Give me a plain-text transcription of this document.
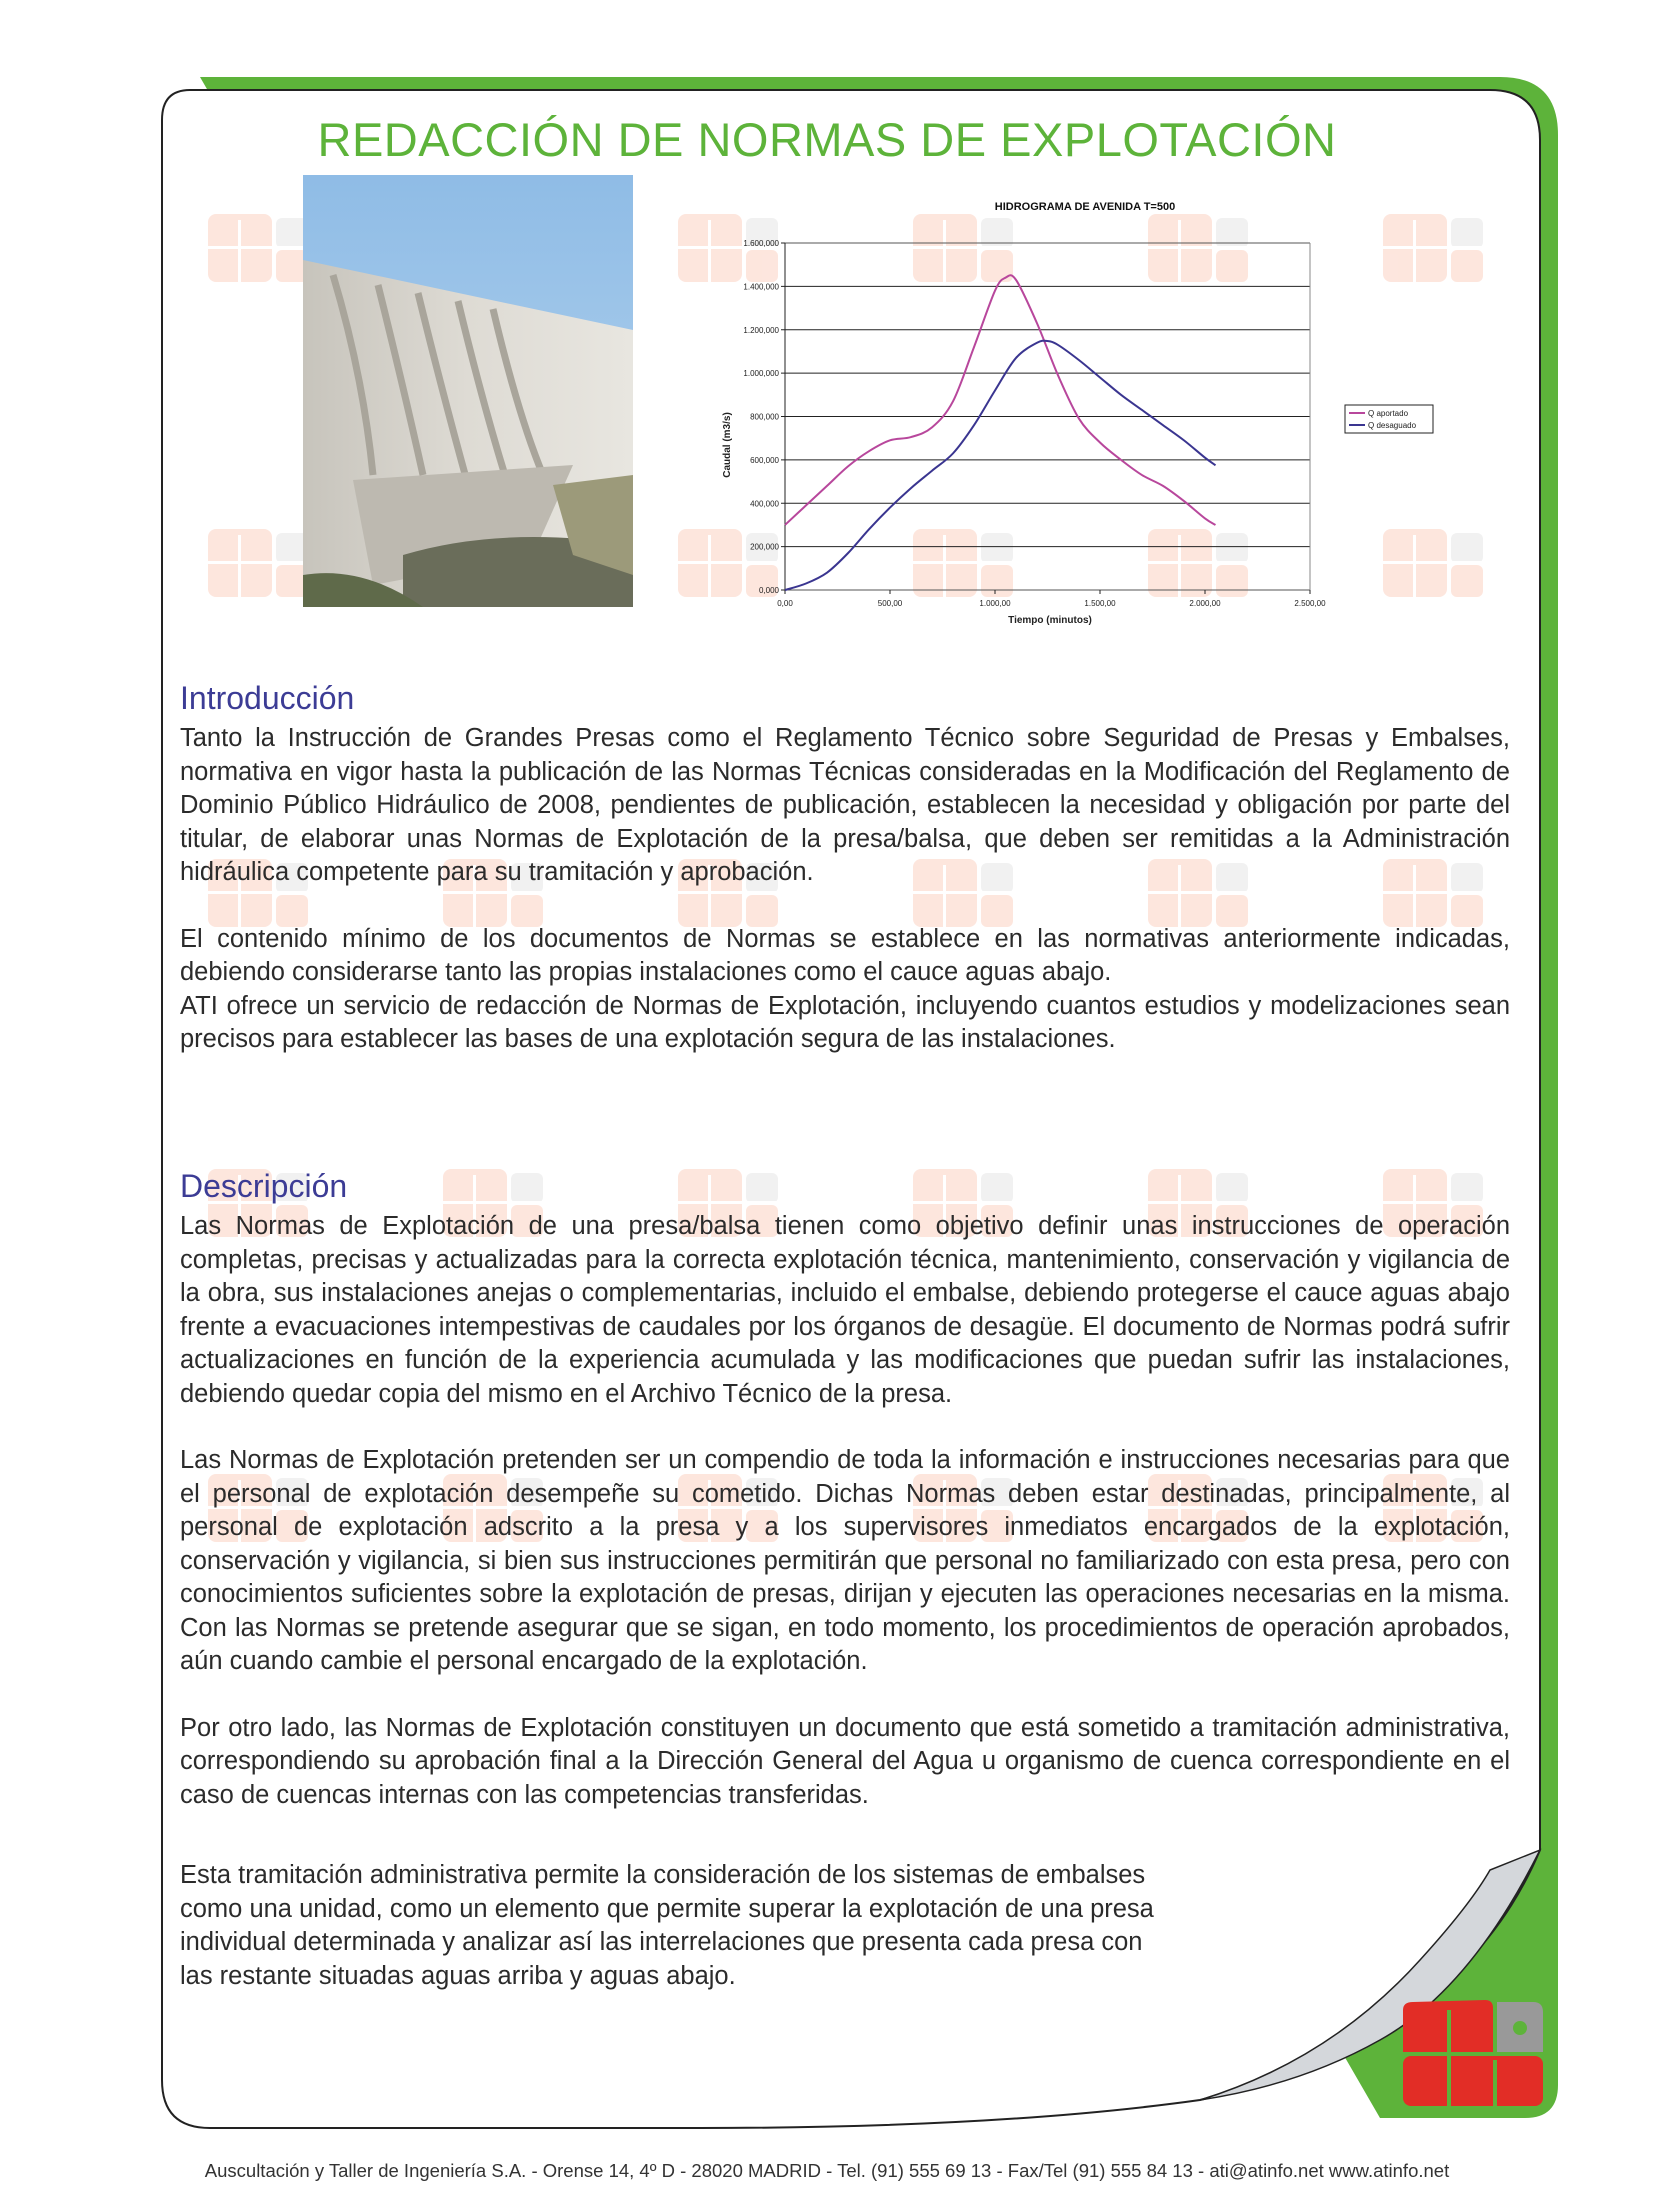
REDACCIÓN DE NORMAS DE EXPLOTACIÓN
HIDROGRAMA DE AVENIDA T=500
0,000
200,000
400,000
600,000
800,000
1.000,000
1.200,000
1.400,000
1.600,000
0,00	500,00	1.000,00	1.500,00	2.000,00	2.500,00
Caudal (m3/s)
Tiempo (minutos)
Q aportado
Q desaguado
Introducción

Tanto la Instrucción de Grandes Presas como el Reglamento Técnico sobre Seguridad de Presas y Embalses, normativa en vigor hasta la publicación de las Normas Técnicas consideradas en la Modificación del Reglamento de Dominio Público Hidráulico de 2008, pendientes de publicación, establecen la necesidad y obligación por parte del titular, de elaborar unas Normas de Explotación de la presa/balsa, que deben ser remitidas a la Administración hidráulica competente para su tramitación y aprobación.

El contenido mínimo de los documentos de Normas se establece en las normativas anteriormente indicadas, debiendo considerarse tanto las propias instalaciones como el cauce aguas abajo.

ATI ofrece un servicio de redacción de Normas de Explotación, incluyendo cuantos estudios y modelizaciones sean precisos para establecer las bases de una explotación segura de las instalaciones.

Descripción

Las Normas de Explotación de una presa/balsa tienen como objetivo definir unas instrucciones de operación completas, precisas y actualizadas para la correcta explotación técnica, mantenimiento, conservación y vigilancia de la obra, sus instalaciones anejas o complementarias, incluido el embalse, debiendo protegerse el cauce aguas abajo frente a evacuaciones intempestivas de caudales por los órganos de desagüe. El documento de Normas podrá sufrir actualizaciones en función de la experiencia acumulada y las modificaciones que puedan sufrir las instalaciones, debiendo quedar copia del mismo en el Archivo Técnico de la presa.

Las Normas de Explotación pretenden ser un compendio de toda la información e instrucciones necesarias para que el personal de explotación desempeñe su cometido. Dichas Normas deben estar destinadas, principalmente, al personal de explotación adscrito a la presa y a los supervisores inmediatos encargados de la explotación, conservación y vigilancia, si bien sus instrucciones permitirán que personal no familiarizado con esta presa, pero con conocimientos suficientes sobre la explotación de presas, dirijan y ejecuten las operaciones necesarias en la misma. Con las Normas se pretende asegurar que se sigan, en todo momento, los procedimientos de operación aprobados, aún cuando cambie el personal encargado de la explotación.

Por otro lado, las Normas de Explotación constituyen un documento que está sometido a tramitación administrativa, correspondiendo su aprobación final a la Dirección General del Agua u organismo de cuenca correspondiente en el caso de cuencas internas con las competencias transferidas.

Esta tramitación administrativa permite la consideración de los sistemas de embalses
como una unidad, como un elemento que permite superar la explotación de una presa
individual determinada y analizar así las interrelaciones que presenta cada presa con
las restante situadas aguas arriba y aguas abajo.
Auscultación y Taller de Ingeniería S.A. - Orense 14, 4º D - 28020 MADRID - Tel. (91) 555 69 13 - Fax/Tel (91) 555 84 13 - ati@atinfo.net www.atinfo.net
